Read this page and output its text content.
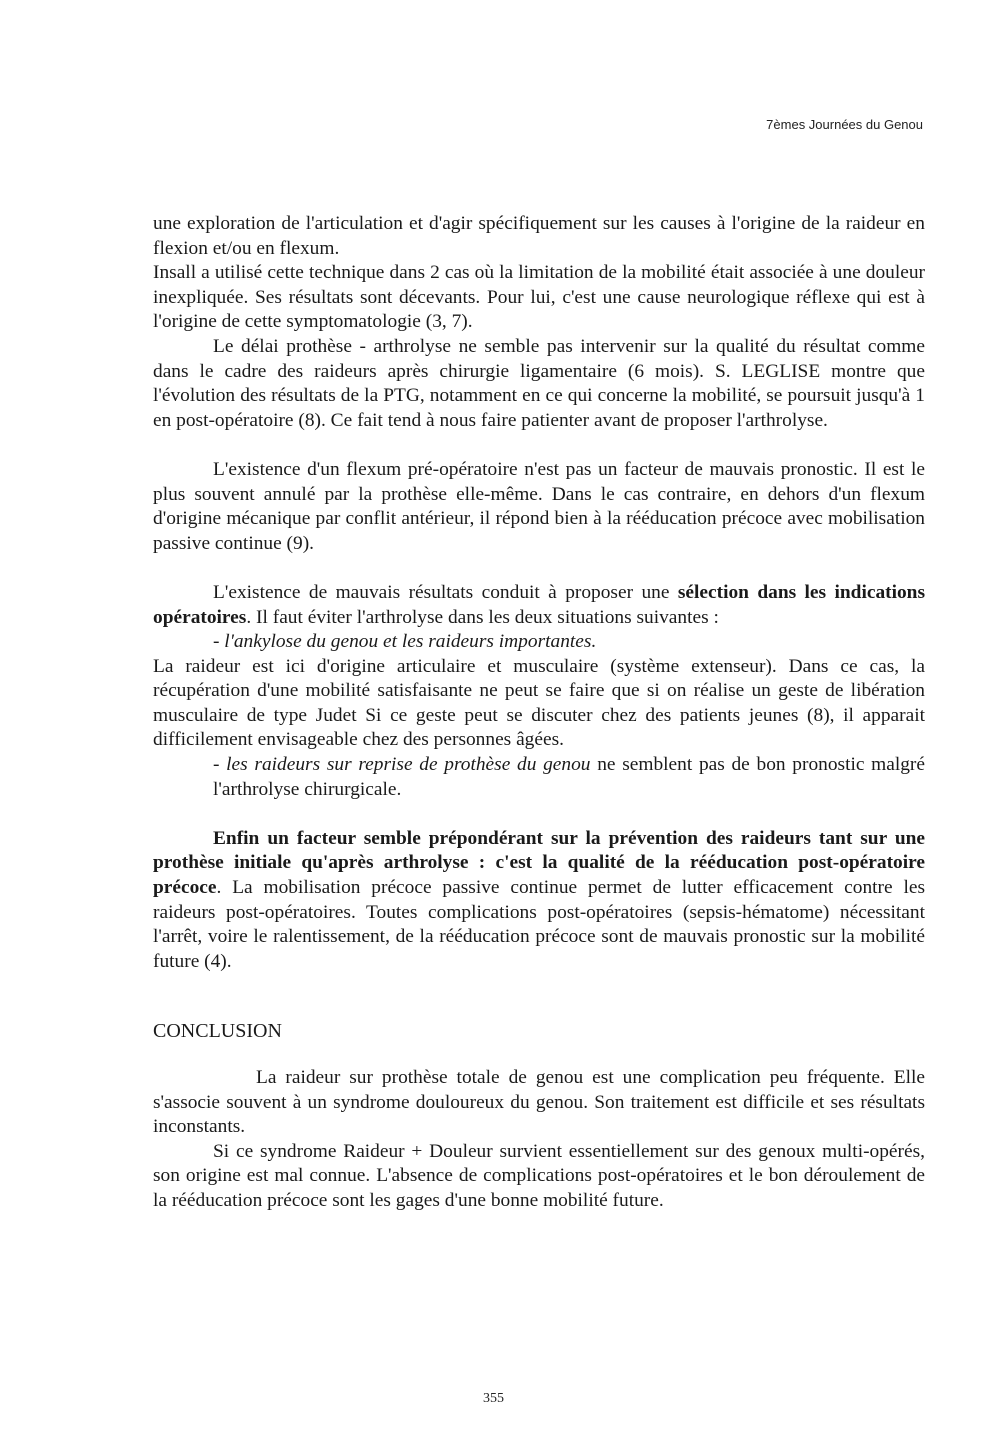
7èmes Journées du Genou

une exploration de l'articulation et d'agir spécifiquement sur les causes à l'origine de la raideur en flexion et/ou en flexum.

Insall a utilisé cette technique dans 2 cas où la limitation de la mobilité était associée à une douleur inexpliquée. Ses résultats sont décevants. Pour lui, c'est une cause neurologique réflexe qui est à l'origine de cette symptomatologie (3, 7).

Le délai prothèse - arthrolyse ne semble pas intervenir sur la qualité du résultat comme dans le cadre des raideurs après chirurgie ligamentaire (6 mois). S. LEGLISE montre que l'évolution des résultats de la PTG, notamment en ce qui concerne la mobilité, se poursuit jusqu'à 1 en post-opératoire (8). Ce fait tend à nous faire patienter avant de proposer l'arthrolyse.

L'existence d'un flexum pré-opératoire n'est pas un facteur de mauvais pronostic. Il est le plus souvent annulé par la prothèse elle-même. Dans le cas contraire, en dehors d'un flexum d'origine mécanique par conflit antérieur, il répond bien à la rééducation précoce avec mobilisation passive continue (9).

L'existence de mauvais résultats conduit à proposer une sélection dans les indications opératoires. Il faut éviter l'arthrolyse dans les deux situations suivantes :

- l'ankylose du genou et les raideurs importantes.

La raideur est ici d'origine articulaire et musculaire (système extenseur). Dans ce cas, la récupération d'une mobilité satisfaisante ne peut se faire que si on réalise un geste de libération musculaire de type Judet Si ce geste peut se discuter chez des patients jeunes (8), il apparait difficilement envisageable chez des personnes âgées.

- les raideurs sur reprise de prothèse du genou ne semblent pas de bon pronostic malgré l'arthrolyse chirurgicale.

Enfin un facteur semble prépondérant sur la prévention des raideurs tant sur une prothèse initiale qu'après arthrolyse : c'est la qualité de la rééducation post-opératoire précoce. La mobilisation précoce passive continue permet de lutter efficacement contre les raideurs post-opératoires. Toutes complications post-opératoires (sepsis-hématome) nécessitant l'arrêt, voire le ralentissement, de la rééducation précoce sont de mauvais pronostic sur la mobilité future (4).

CONCLUSION

La raideur sur prothèse totale de genou est une complication peu fréquente. Elle s'associe souvent à un syndrome douloureux du genou. Son traitement est difficile et ses résultats inconstants.

Si ce syndrome Raideur + Douleur survient essentiellement sur des genoux multi-opérés, son origine est mal connue. L'absence de complications post-opératoires et le bon déroulement de la rééducation précoce sont les gages d'une bonne mobilité future.

355
